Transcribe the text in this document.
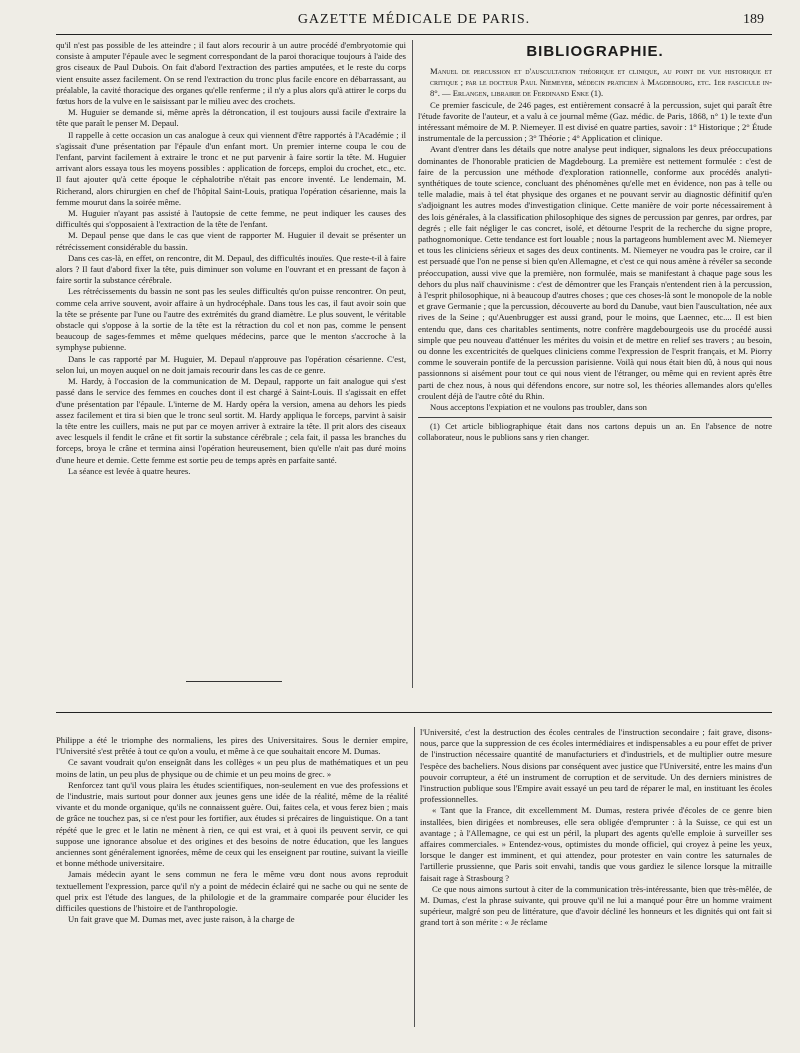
GAZETTE MÉDICALE DE PARIS.	189

qu'il n'est pas possible de les atteindre ; il faut alors recourir à un autre procédé d'embryotomie qui consiste à amputer l'épaule avec le segment correspondant de la paroi thoracique toujours à l'aide des gros ciseaux de Paul Dubois. On fait d'abord l'extraction des parties amputées, et le reste du corps vient ensuite assez facilement. On se rend l'extraction du tronc plus facile encore en débarrassant, au préalable, la cavité thoracique des organes qu'elle renferme ; il n'y a plus alors qu'à attirer le corps du fœtus hors de la vulve en le saisissant par le milieu avec des crochets.

M. Huguier se demande si, même après la détroncation, il est toujours aussi facile d'extraire la tête que paraît le penser M. Depaul.

Il rappelle à cette occasion un cas analogue à ceux qui viennent d'être rapportés à l'Académie ; il s'agissait d'une présentation par l'épaule d'un enfant mort. Un premier interne coupa le cou de l'enfant, parvint facilement à extraire le tronc et ne put parvenir à faire sortir la tête. M. Huguier arrivant alors essaya tous les moyens possibles : application de forceps, emploi du crochet, etc., etc. Il faut ajouter qu'à cette époque le céphalotribe n'était pas encore inventé. Le lendemain, M. Richerand, alors chirurgien en chef de l'hôpital Saint-Louis, pratiqua l'opération césarienne, mais la femme mourut dans la soirée même.

M. Huguier n'ayant pas assisté à l'autopsie de cette femme, ne peut indiquer les causes des difficultés qui s'opposaient à l'extraction de la tête de l'enfant.

M. Depaul pense que dans le cas que vient de rapporter M. Huguier il devait se présenter un rétrécissement considérable du bassin.

Dans ces cas-là, en effet, on rencontre, dit M. Depaul, des difficultés inouïes. Que reste-t-il à faire alors ? Il faut d'abord fixer la tête, puis diminuer son volume en l'ouvrant et en pressant de façon à faire sortir la substance cérébrale.

Les rétrécissements du bassin ne sont pas les seules difficultés qu'on puisse rencontrer. On peut, comme cela arrive souvent, avoir affaire à un hydrocéphale. Dans tous les cas, il faut avoir soin que la tête se présente par l'une ou l'autre des extrémités du grand diamètre. Le plus souvent, le véritable obstacle qui s'oppose à la sortie de la tête est la rétraction du col et non pas, comme le pensent beaucoup de sages-femmes et même quelques médecins, parce que le menton s'accroche à la symphyse pubienne.

Dans le cas rapporté par M. Huguier, M. Depaul n'approuve pas l'opération césarienne. C'est, selon lui, un moyen auquel on ne doit jamais recourir dans les cas de ce genre.

M. Hardy, à l'occasion de la communication de M. Depaul, rapporte un fait analogue qui s'est passé dans le service des femmes en couches dont il est chargé à Saint-Louis. Il s'agissait en effet d'une présentation par l'épaule. L'interne de M. Hardy opéra la version, amena au dehors les pieds assez facilement et tira si bien que le tronc seul sortit. M. Hardy appliqua le forceps, parvint à saisir la tête entre les cuillers, mais ne put par ce moyen arriver à extraire la tête. Il prit alors des ciseaux avec lesquels il fendit le crâne et fit sortir la substance cérébrale ; cela fait, il passa les branches du forceps, broya le crâne et termina ainsi l'opération heureusement, bien qu'elle n'ait pas duré moins d'une heure et demie. Cette femme est sortie peu de temps après en parfaite santé.

La séance est levée à quatre heures.

BIBLIOGRAPHIE.

Manuel de percussion et d'auscultation théorique et clinique, au point de vue historique et critique ; par le docteur Paul Niemeyer, médecin praticien à Magdebourg, etc. 1er fascicule in-8°. — Erlangen, librairie de Ferdinand Enke (1).

Ce premier fascicule, de 246 pages, est entièrement consacré à la percussion, sujet qui paraît être l'étude favorite de l'auteur, et a valu à ce journal même (Gaz. médic. de Paris, 1868, n° 1) le texte d'un intéressant mémoire de M. P. Niemeyer. Il est divisé en quatre parties, savoir : 1° Historique ; 2° Étude instrumentale de la percussion ; 3° Théorie ; 4° Application et clinique.

Avant d'entrer dans les détails que notre analyse peut indiquer, signalons les deux préoccupations dominantes de l'honorable praticien de Magdebourg. La première est nettement formulée : c'est de faire de la percussion une méthode d'exploration rationnelle, conforme aux procédés analyti-synthétiques de toute science, concluant des phénomènes qu'elle met en évidence, non pas à telle ou telle maladie, mais à tel état physique des organes et ne pouvant servir au diagnostic définitif qu'en s'adjoignant les autres modes d'investigation clinique. Cette manière de voir porte nécessairement à des lois générales, à la classification philosophique des signes de percussion par genres, par ordres, par degrés ; elle fait négliger le cas concret, isolé, et détourne l'esprit de la recherche du signe propre, pathognomonique. Cette tendance est fort louable ; nous la partageons humblement avec M. Niemeyer et tous les cliniciens sérieux et sages des deux continents. M. Niemeyer ne voudra pas le croire, car il est persuadé que l'on ne pense si bien qu'en Allemagne, et c'est ce qui nous amène à révéler sa seconde préoccupation, aussi vive que la première, non formulée, mais se manifestant à chaque page sous les dehors du plus naïf chauvinisme : c'est de démontrer que les Français n'entendent rien à la percussion, à l'esprit philosophique, ni à beaucoup d'autres choses ; que ces choses-là sont le monopole de la noble et grave Germanie ; que la percussion, découverte au bord du Danube, vaut bien l'auscultation, née aux rives de la Seine ; qu'Auenbrugger est aussi grand, pour le moins, que Laennec, etc.... Il est bien entendu que, dans ces charitables sentiments, notre confrère magdebourgeois use du procédé aussi simple que peu nouveau d'atténuer les mérites du voisin et de mettre en relief ses travers ; au besoin, ou donne les excentricités de quelques cliniciens comme l'expression de l'esprit français, et M. Piorry comme le souverain pontife de la percussion parisienne. Voilà qui nous était bien dû, à nous qui nous passionnons si aisément pour tout ce qui nous vient de l'étranger, ou même qui en revient après être parti de chez nous, à nous qui défendons encore, sur notre sol, les théories allemandes alors qu'elles croulent déjà de l'autre côté du Rhin.

Nous acceptons l'expiation et ne voulons pas troubler, dans son

(1) Cet article bibliographique était dans nos cartons depuis un an. En l'absence de notre collaborateur, nous le publions sans y rien changer.

Philippe a été le triomphe des normaliens, les pires des Universitaires. Sous le dernier empire, l'Université s'est prêtée à tout ce qu'on a voulu, et même à ce que souhaitait encore M. Dumas.

Ce savant voudrait qu'on enseignât dans les collèges « un peu plus de mathématiques et un peu moins de latin, un peu plus de physique ou de chimie et un peu moins de grec. »

Renforcez tant qu'il vous plaira les études scientifiques, non-seulement en vue des professions et de l'industrie, mais surtout pour donner aux jeunes gens une idée de la réalité, même de la réalité vivante et du monde organique, qu'ils ne connaissent guère. Oui, faites cela, et vous ferez bien ; mais de grâce ne touchez pas, si ce n'est pour les fortifier, aux études si précaires de linguistique. On a tant répété que le grec et le latin ne mènent à rien, ce qui est vrai, et à quoi ils peuvent servir, ce qui suppose une ignorance absolue et des origines et des besoins de notre éducation, que les langues anciennes sont généralement ignorées, même de ceux qui les enseignent par routine, suivant la vieille et bonne méthode universitaire.

Jamais médecin ayant le sens commun ne fera le même vœu dont nous avons reproduit textuellement l'expression, parce qu'il n'y a point de médecin éclairé qui ne sache ou qui ne sente de quel prix est l'étude des langues, de la philologie et de la grammaire comparée pour élucider les difficiles questions de l'histoire et de l'anthropologie.

Un fait grave que M. Dumas met, avec juste raison, à la charge de

l'Université, c'est la destruction des écoles centrales de l'instruction secondaire ; fait grave, disons-nous, parce que la suppression de ces écoles intermédiaires et indispensables a eu pour effet de priver de l'instruction nécessaire quantité de manufacturiers et d'industriels, et de multiplier outre mesure l'espèce des bacheliers. Nous disions par conséquent avec justice que l'Université, entre les mains d'un pouvoir corrupteur, a été un instrument de corruption et de servitude. Un des derniers ministres de l'instruction publique sous l'Empire avait essayé un peu tard de réparer le mal, en instituant les écoles professionnelles.

« Tant que la France, dit excellemment M. Dumas, restera privée d'écoles de ce genre bien installées, bien dirigées et nombreuses, elle sera obligée d'emprunter : à la Suisse, ce qui est un avantage ; à l'Allemagne, ce qui est un péril, la plupart des agents qu'elle emploie à surveiller ses affaires commerciales. » Entendez-vous, optimistes du monde officiel, qui croyez à peine les yeux, lorsque le danger est imminent, et qui attendez, pour protester en vain contre les saturnales de l'artillerie prussienne, que Paris soit envahi, tandis que vous gardiez le silence lorsque la mitraille faisait rage à Strasbourg ?

Ce que nous aimons surtout à citer de la communication très-intéressante, bien que très-mêlée, de M. Dumas, c'est la phrase suivante, qui prouve qu'il ne lui a manqué pour être un homme vraiment supérieur, malgré son peu de littérature, que d'avoir décliné les honneurs et les dignités qui ont fait si grand tort à son mérite : « Je réclame
